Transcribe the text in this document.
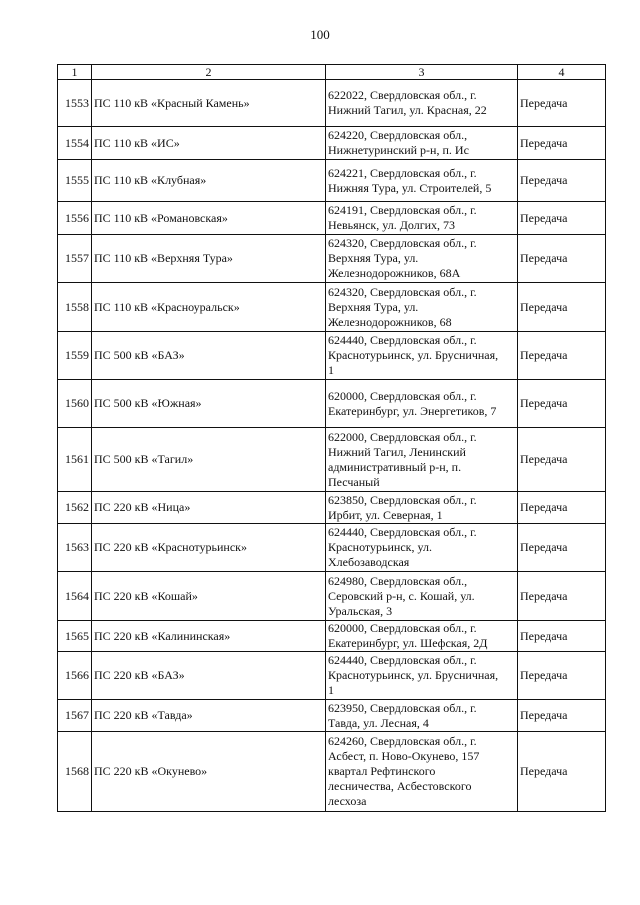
100
1	2	3	4
1553	ПС 110 кВ «Красный Камень»	622022, Свердловская обл., г.
Нижний Тагил, ул. Красная, 22	Передача
1554	ПС 110 кВ «ИС»	624220, Свердловская обл.,
Нижнетуринский р-н, п. Ис	Передача
1555	ПС 110 кВ «Клубная»	624221, Свердловская обл., г.
Нижняя Тура, ул. Строителей, 5	Передача
1556	ПС 110 кВ «Романовская»	624191, Свердловская обл., г.
Невьянск, ул. Долгих, 73	Передача
1557	ПС 110 кВ «Верхняя Тура»	624320, Свердловская обл., г.
Верхняя Тура, ул.
Железнодорожников, 68А	Передача
1558	ПС 110 кВ «Красноуральск»	624320, Свердловская обл., г.
Верхняя Тура, ул.
Железнодорожников, 68	Передача
1559	ПС 500 кВ «БАЗ»	624440, Свердловская обл., г.
Краснотурьинск, ул. Брусничная,
1	Передача
1560	ПС 500 кВ «Южная»	620000, Свердловская обл., г.
Екатеринбург, ул. Энергетиков, 7	Передача
1561	ПС 500 кВ «Тагил»	622000, Свердловская обл., г.
Нижний Тагил, Ленинский
административный р-н, п.
Песчаный	Передача
1562	ПС 220 кВ «Ница»	623850, Свердловская обл., г.
Ирбит, ул. Северная, 1	Передача
1563	ПС 220 кВ «Краснотурьинск»	624440, Свердловская обл., г.
Краснотурьинск, ул.
Хлебозаводская	Передача
1564	ПС 220 кВ «Кошай»	624980, Свердловская обл.,
Серовский р-н, с. Кошай, ул.
Уральская, 3	Передача
1565	ПС 220 кВ «Калининская»	620000, Свердловская обл., г.
Екатеринбург, ул. Шефская, 2Д	Передача
1566	ПС 220 кВ «БАЗ»	624440, Свердловская обл., г.
Краснотурьинск, ул. Брусничная,
1	Передача
1567	ПС 220 кВ «Тавда»	623950, Свердловская обл., г.
Тавда, ул. Лесная, 4	Передача
1568	ПС 220 кВ «Окунево»	624260, Свердловская обл., г.
Асбест, п. Ново-Окунево, 157
квартал Рефтинского
лесничества, Асбестовского
лесхоза	Передача
